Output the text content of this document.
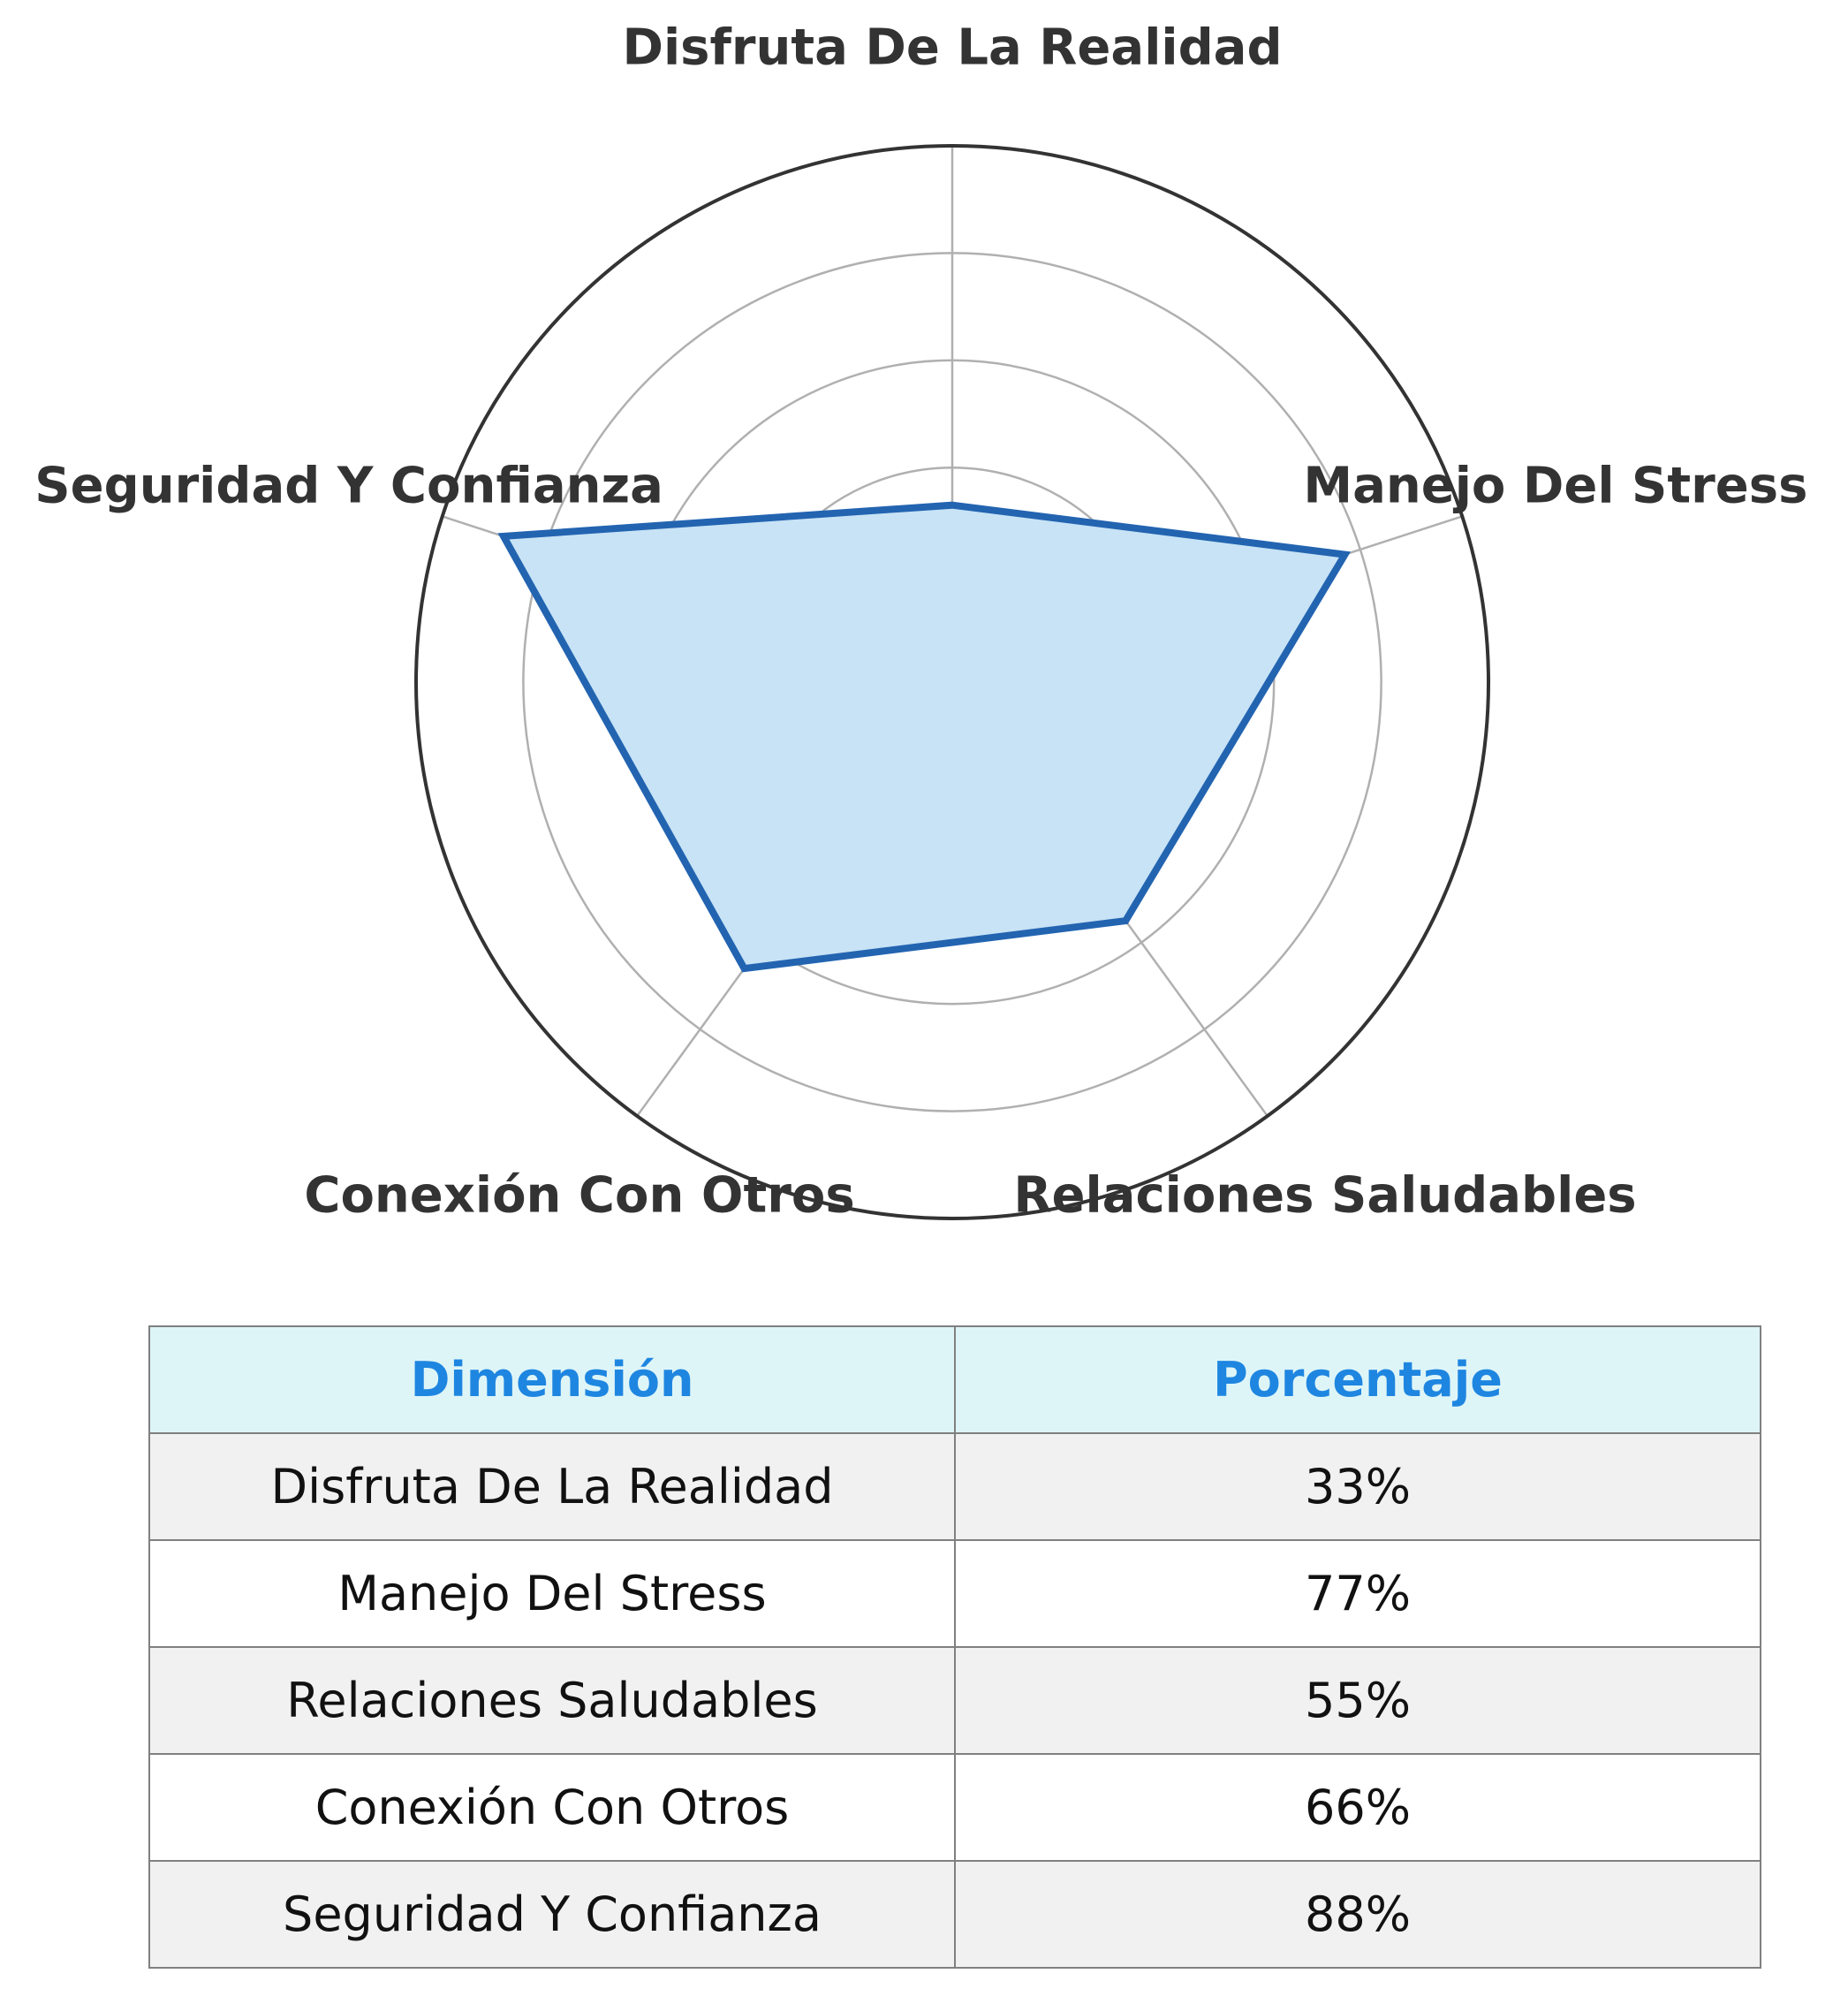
Disfruta De La Realidad
Manejo Del Stress
Relaciones Saludables
Conexión Con Otros
Seguridad Y Confianza
Dimensión	Porcentaje
Disfruta De La Realidad	33%
Manejo Del Stress	77%
Relaciones Saludables	55%
Conexión Con Otros	66%
Seguridad Y Confianza	88%
